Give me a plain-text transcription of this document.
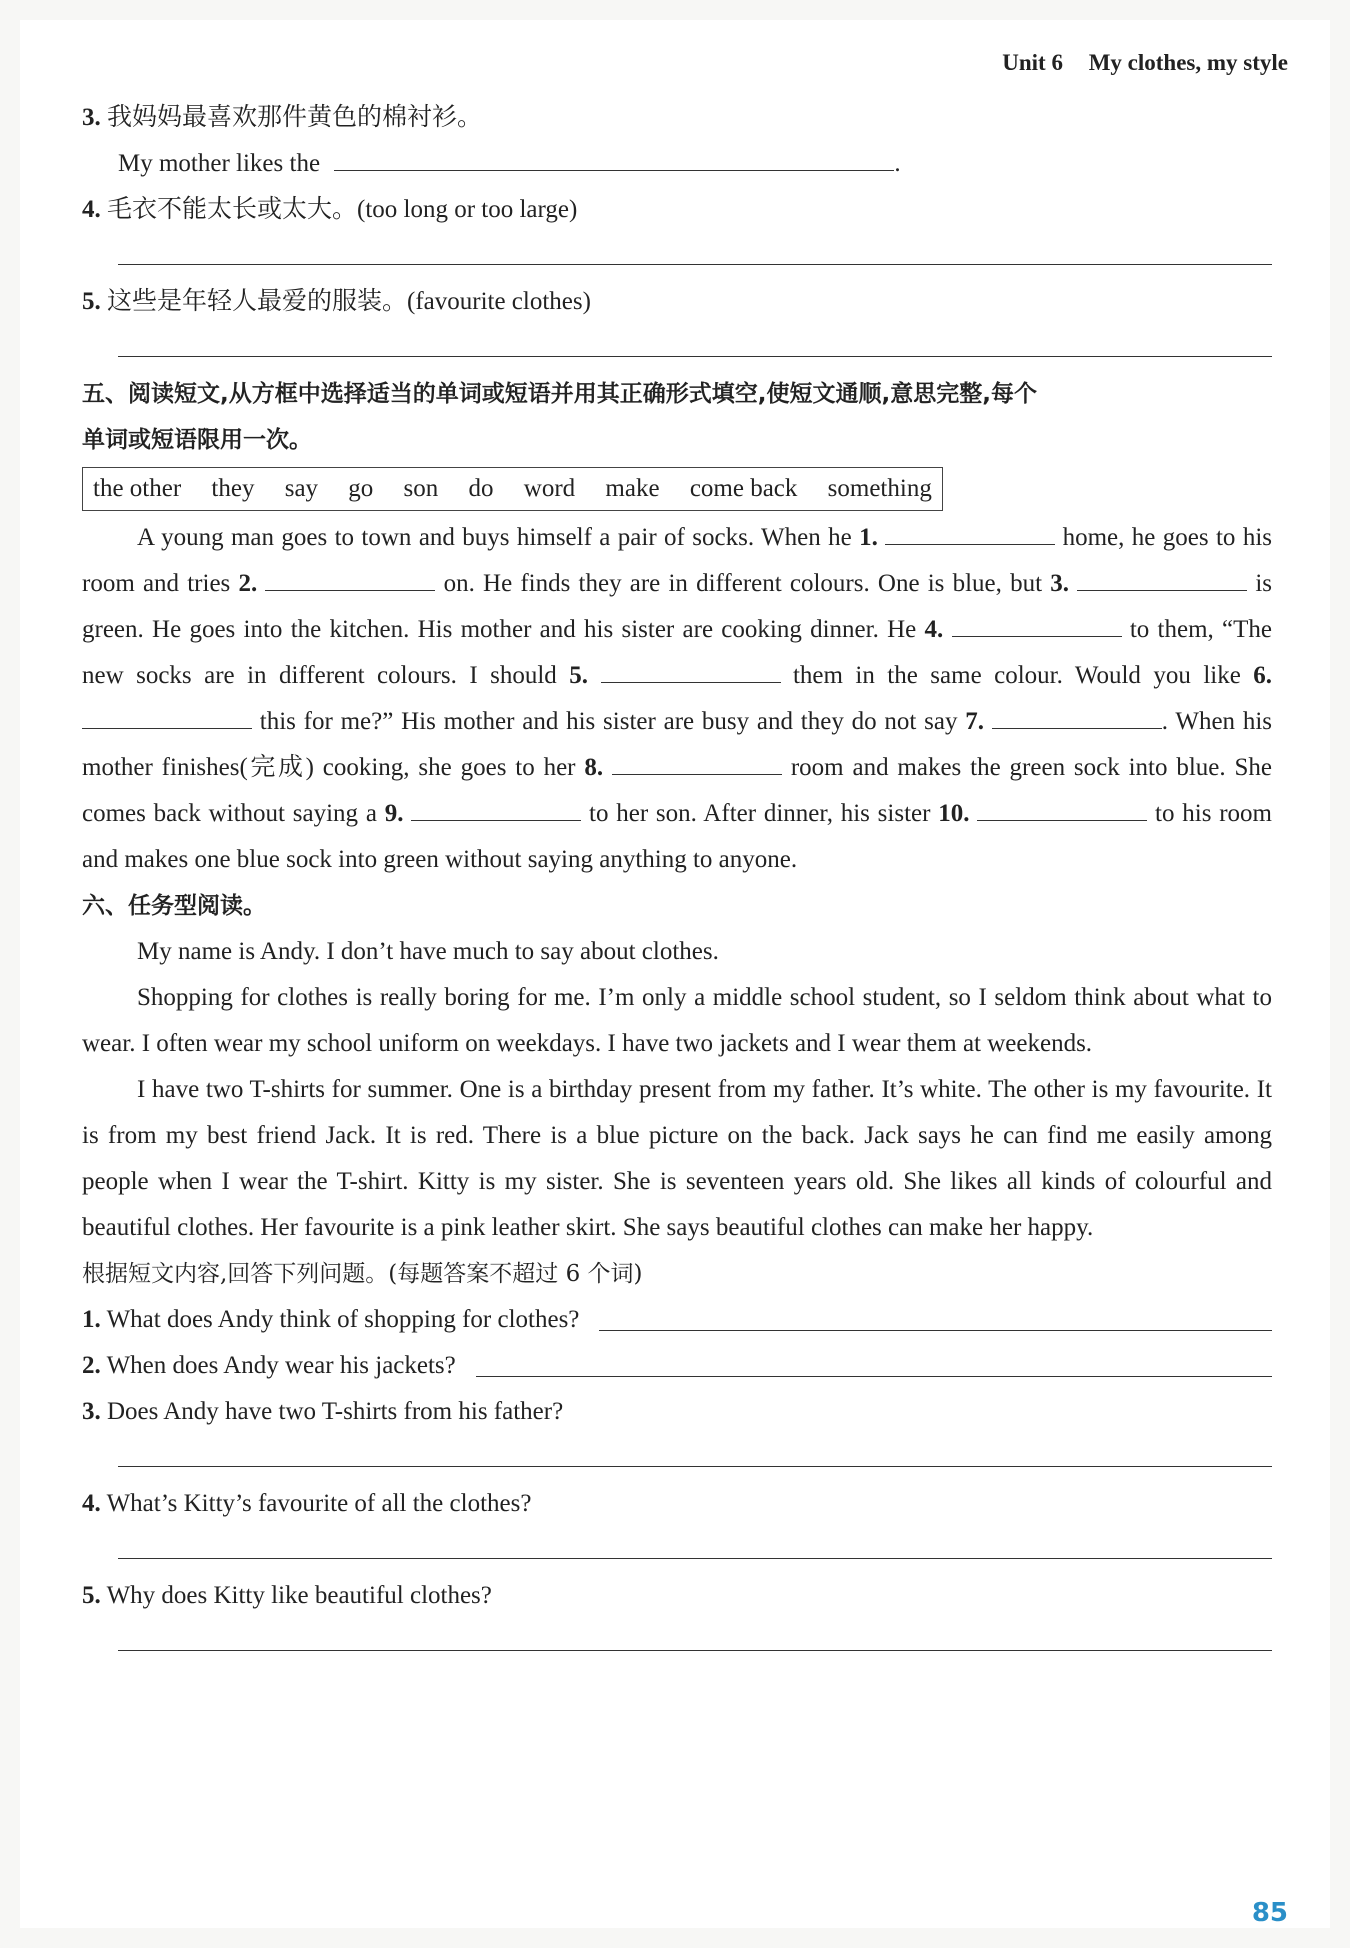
Unit 6 My clothes, my style
3. 我妈妈最喜欢那件黄色的棉衬衫。
My mother likes the	.
4. 毛衣不能太长或太大。(too long or too large)
5. 这些是年轻人最爱的服装。(favourite clothes)
五、阅读短文,从方框中选择适当的单词或短语并用其正确形式填空,使短文通顺,意思完整,每个
单词或短语限用一次。
the other they say go son do word make come back something
A young man goes to town and buys himself a pair of socks. When he 1.	home, he goes to his room and tries 2.	on. He finds they are in different colours. One is blue, but 3.	is green. He goes into the kitchen. His mother and his sister are cooking dinner. He 4.	to them, “The new socks are in different colours. I should 5.	them in the same colour. Would you like 6.  this for me?” His mother and his sister are busy and they do not say 7.	. When his mother finishes(完成) cooking, she goes to her 8.	room and makes the green sock into blue. She comes back without saying a 9.	to her son. After dinner, his sister 10.	to his room and makes one blue sock into green without saying anything to anyone.
六、任务型阅读。
My name is Andy. I don’t have much to say about clothes.
Shopping for clothes is really boring for me. I’m only a middle school student, so I seldom think about what to wear. I often wear my school uniform on weekdays. I have two jackets and I wear them at weekends.
I have two T-shirts for summer. One is a birthday present from my father. It’s white. The other is my favourite. It is from my best friend Jack. It is red. There is a blue picture on the back. Jack says he can find me easily among people when I wear the T-shirt. Kitty is my sister. She is seventeen years old. She likes all kinds of colourful and beautiful clothes. Her favourite is a pink leather skirt. She says beautiful clothes can make her happy.
根据短文内容,回答下列问题。(每题答案不超过 6 个词)
1. What does Andy think of shopping for clothes?
2. When does Andy wear his jackets?
3. Does Andy have two T-shirts from his father?
4. What’s Kitty’s favourite of all the clothes?
5. Why does Kitty like beautiful clothes?
85
